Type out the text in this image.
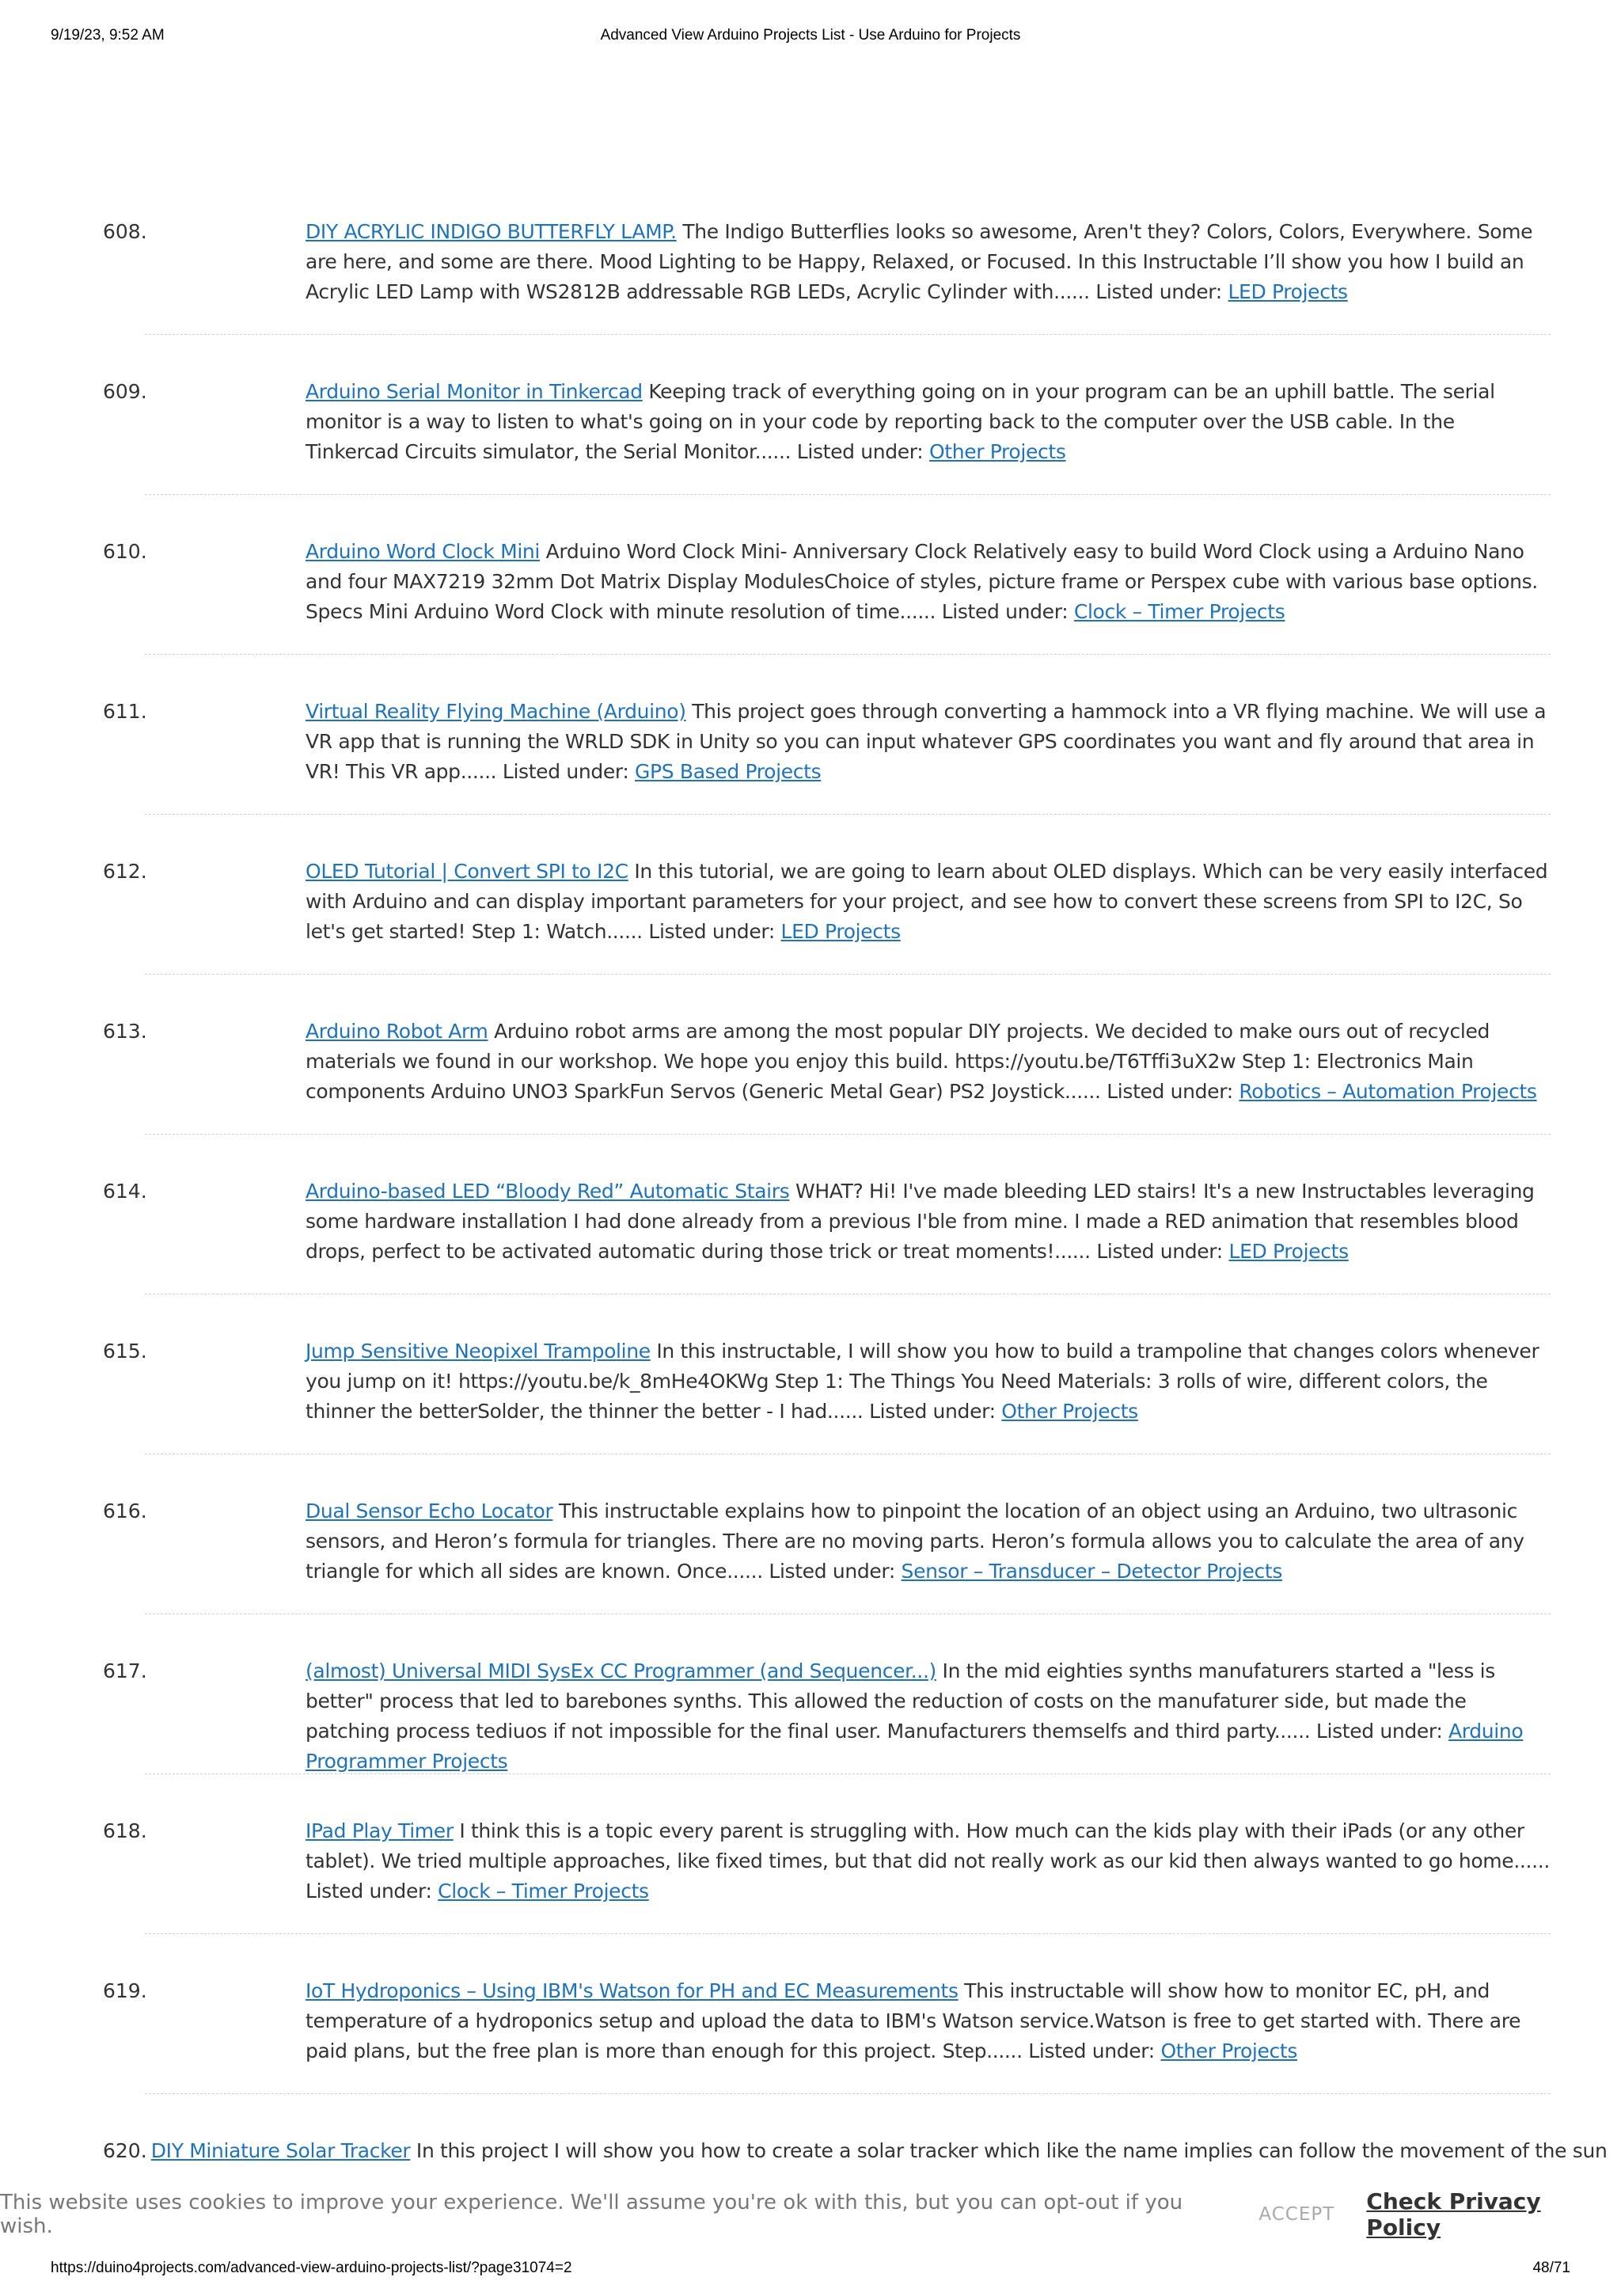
9/19/23, 9:52 AM	Advanced View Arduino Projects List - Use Arduino for Projects
608.	DIY ACRYLIC INDIGO BUTTERFLY LAMP. The Indigo Butterflies looks so awesome, Aren't they? Colors, Colors, Everywhere. Some are here, and some are there. Mood Lighting to be Happy, Relaxed, or Focused. In this Instructable I’ll show you how I build an Acrylic LED Lamp with WS2812B addressable RGB LEDs, Acrylic Cylinder with...... Listed under: LED Projects
609.	Arduino Serial Monitor in Tinkercad Keeping track of everything going on in your program can be an uphill battle. The serial monitor is a way to listen to what's going on in your code by reporting back to the computer over the USB cable. In the Tinkercad Circuits simulator, the Serial Monitor...... Listed under: Other Projects
610.	Arduino Word Clock Mini Arduino Word Clock Mini- Anniversary Clock Relatively easy to build Word Clock using a Arduino Nano and four MAX7219 32mm Dot Matrix Display ModulesChoice of styles, picture frame or Perspex cube with various base options. Specs Mini Arduino Word Clock with minute resolution of time...... Listed under: Clock – Timer Projects
611.	Virtual Reality Flying Machine (Arduino) This project goes through converting a hammock into a VR flying machine. We will use a VR app that is running the WRLD SDK in Unity so you can input whatever GPS coordinates you want and fly around that area in VR! This VR app...... Listed under: GPS Based Projects
612.	OLED Tutorial | Convert SPI to I2C In this tutorial, we are going to learn about OLED displays. Which can be very easily interfaced with Arduino and can display important parameters for your project, and see how to convert these screens from SPI to I2C, So let's get started! Step 1: Watch...... Listed under: LED Projects
613.	Arduino Robot Arm Arduino robot arms are among the most popular DIY projects. We decided to make ours out of recycled materials we found in our workshop. We hope you enjoy this build. https://youtu.be/T6Tffi3uX2w Step 1: Electronics Main components Arduino UNO3 SparkFun Servos (Generic Metal Gear) PS2 Joystick...... Listed under: Robotics – Automation Projects
614.	Arduino-based LED “Bloody Red” Automatic Stairs WHAT? Hi! I've made bleeding LED stairs! It's a new Instructables leveraging some hardware installation I had done already from a previous I'ble from mine. I made a RED animation that resembles blood drops, perfect to be activated automatic during those trick or treat moments!...... Listed under: LED Projects
615.	Jump Sensitive Neopixel Trampoline In this instructable, I will show you how to build a trampoline that changes colors whenever you jump on it! https://youtu.be/k_8mHe4OKWg Step 1: The Things You Need Materials: 3 rolls of wire, different colors, the thinner the betterSolder, the thinner the better - I had...... Listed under: Other Projects
616.	Dual Sensor Echo Locator This instructable explains how to pinpoint the location of an object using an Arduino, two ultrasonic sensors, and Heron’s formula for triangles. There are no moving parts. Heron’s formula allows you to calculate the area of any triangle for which all sides are known. Once...... Listed under: Sensor – Transducer – Detector Projects
617.	(almost) Universal MIDI SysEx CC Programmer (and Sequencer...) In the mid eighties synths manufaturers started a "less is better" process that led to barebones synths. This allowed the reduction of costs on the manufaturer side, but made the patching process tediuos if not impossible for the final user. Manufacturers themselfs and third party...... Listed under: Arduino Programmer Projects
618.	IPad Play Timer I think this is a topic every parent is struggling with. How much can the kids play with their iPads (or any other tablet). We tried multiple approaches, like fixed times, but that did not really work as our kid then always wanted to go home...... Listed under: Clock – Timer Projects
619.	IoT Hydroponics – Using IBM's Watson for PH and EC Measurements This instructable will show how to monitor EC, pH, and temperature of a hydroponics setup and upload the data to IBM's Watson service.Watson is free to get started with. There are paid plans, but the free plan is more than enough for this project. Step...... Listed under: Other Projects
620. DIY Miniature Solar Tracker In this project I will show you how to create a solar tracker which like the name implies can follow the movement of the sun
This website uses cookies to improve your experience. We'll assume you're ok with this, but you can opt-out if you wish.	ACCEPT Check Privacy Policy
https://duino4projects.com/advanced-view-arduino-projects-list/?page31074=2	48/71
